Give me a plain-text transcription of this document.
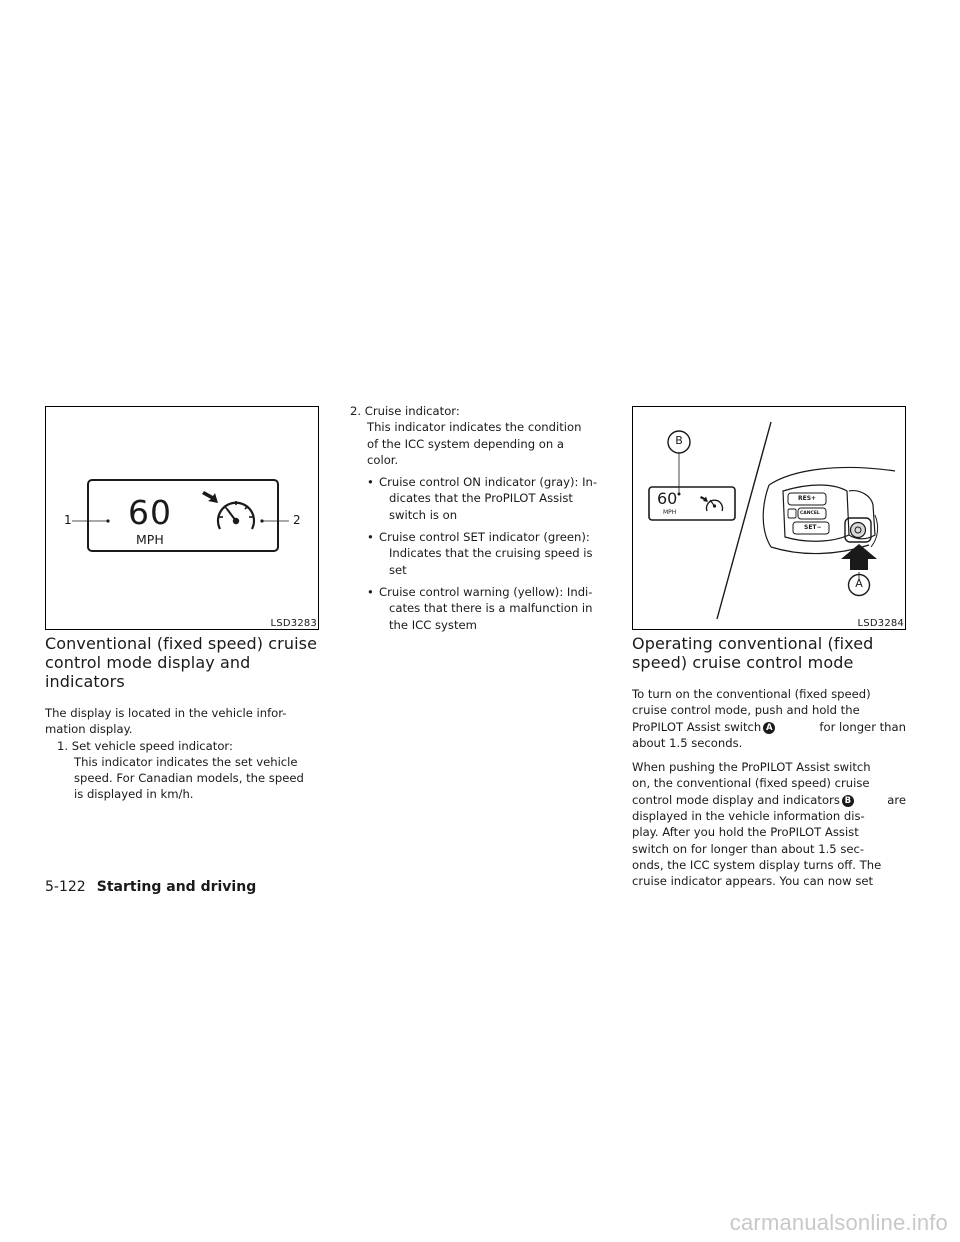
60
MPH
1	2
LSD3283
B
A
60
MPH
RES+
CANCEL
SET−
LSD3284
Conventional (fixed speed) cruise
control mode display and
indicators

The display is located in the vehicle infor-
mation display.

1. Set vehicle speed indicator:
This indicator indicates the set vehicle
speed. For Canadian models, the speed
is displayed in km/h.
2. Cruise indicator:
This indicator indicates the condition
of the ICC system depending on a
color.
• Cruise control ON indicator (gray): In-
dicates that the ProPILOT Assist
switch is on
• Cruise control SET indicator (green):
Indicates that the cruising speed is
set
• Cruise control warning (yellow): Indi-
cates that there is a malfunction in
the ICC system
Operating conventional (fixed
speed) cruise control mode

To turn on the conventional (fixed speed)
cruise control mode, push and hold the
ProPILOT Assist switch A	for longer than
about 1.5 seconds.

When pushing the ProPILOT Assist switch
on, the conventional (fixed speed) cruise
control mode display and indicators B	are
displayed in the vehicle information dis-
play. After you hold the ProPILOT Assist
switch on for longer than about 1.5 sec-
onds, the ICC system display turns off. The
cruise indicator appears. You can now set

5-122 Starting and driving
carmanualsonline.info
